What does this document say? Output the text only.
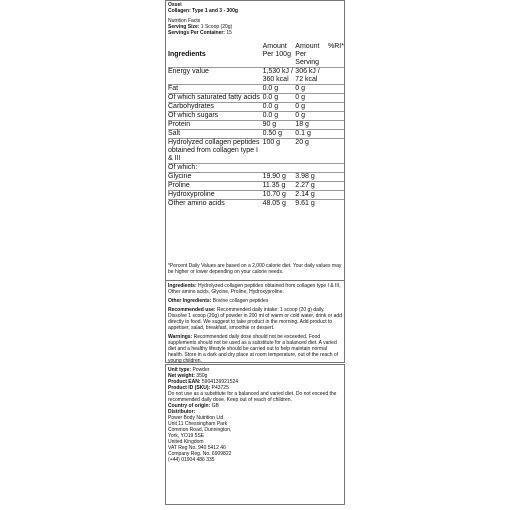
Ossei
Collagen: Type 1 and 3 - 300g
Nutrition Facts
Serving Size: 1 Scoop (20g)
Servings Per Container: 15
Ingredients	Amount Per 100g	Amount Per Serving	%RI*
Energy value	1,530 kJ / 360 kcal	306 kJ / 72 kcal	
Fat	0.0 g	0 g	
Of which saturated fatty acids	0.0 g	0 g	
Carbohydrates	0.0 g	0 g	
Of which sugars	0.0 g	0 g	
Protein	90 g	18 g	
Salt	0.50 g	0.1 g	
Hydrolyzed collagen peptides obtained from collagen type I & III	100 g	20 g	
Of which:			
Glycine	19.90 g	3.98 g	
Proline	11.35 g	2.27 g	
Hydroxyproline	10.70 g	2.14 g	
Other amino acids	48.05 g	9.61 g	
*Percent Daily Values are based on a 2,000 calorie diet. Your daily values may be higher or lower depending on your calorie needs.

Ingredients: Hydrolyzed collagen peptides obtained from collagen type I & III, Other amino acids, Glycine, Proline, Hydroxyproline.

Other Ingredients: Bovine collagen peptides

Recommended use: Recommended daily intake: 1 scoop (20 g) daily. Dissolve 1 scoop (20g) of powder in 200 ml of warm or cold water, drink or add directly to food. We suggest to take product in the morning. Add product to appetiser, salad, breakfast, smoothie or dessert.

Warnings: Recommended daily dose should not be exceeded. Food supplements should not be used as a substitute for a balanced diet. A varied diet and a healthy lifestyle should be carried out to help maintain normal health. Store in a dark and dry place at room temperature, out of the reach of young children.

Unit type: Powder
Net weight: 350g
Product EAN: 5904139921524
Product ID (SKU): P43725
Do not use as a substitute for a balanced and varied diet. Do not exceed the recommended daily dose. Keep out of reach of children.
Country of origin: GB
Distributor:
Power Body Nutrition Ltd.
Unit 11 Chessingham Park
Common Road, Dunnington,
York, YO19 5SE
United Kingdom
VAT Reg No. 940 5412 46
Company Reg. No. 6909822
(+44) 01904 486 335
